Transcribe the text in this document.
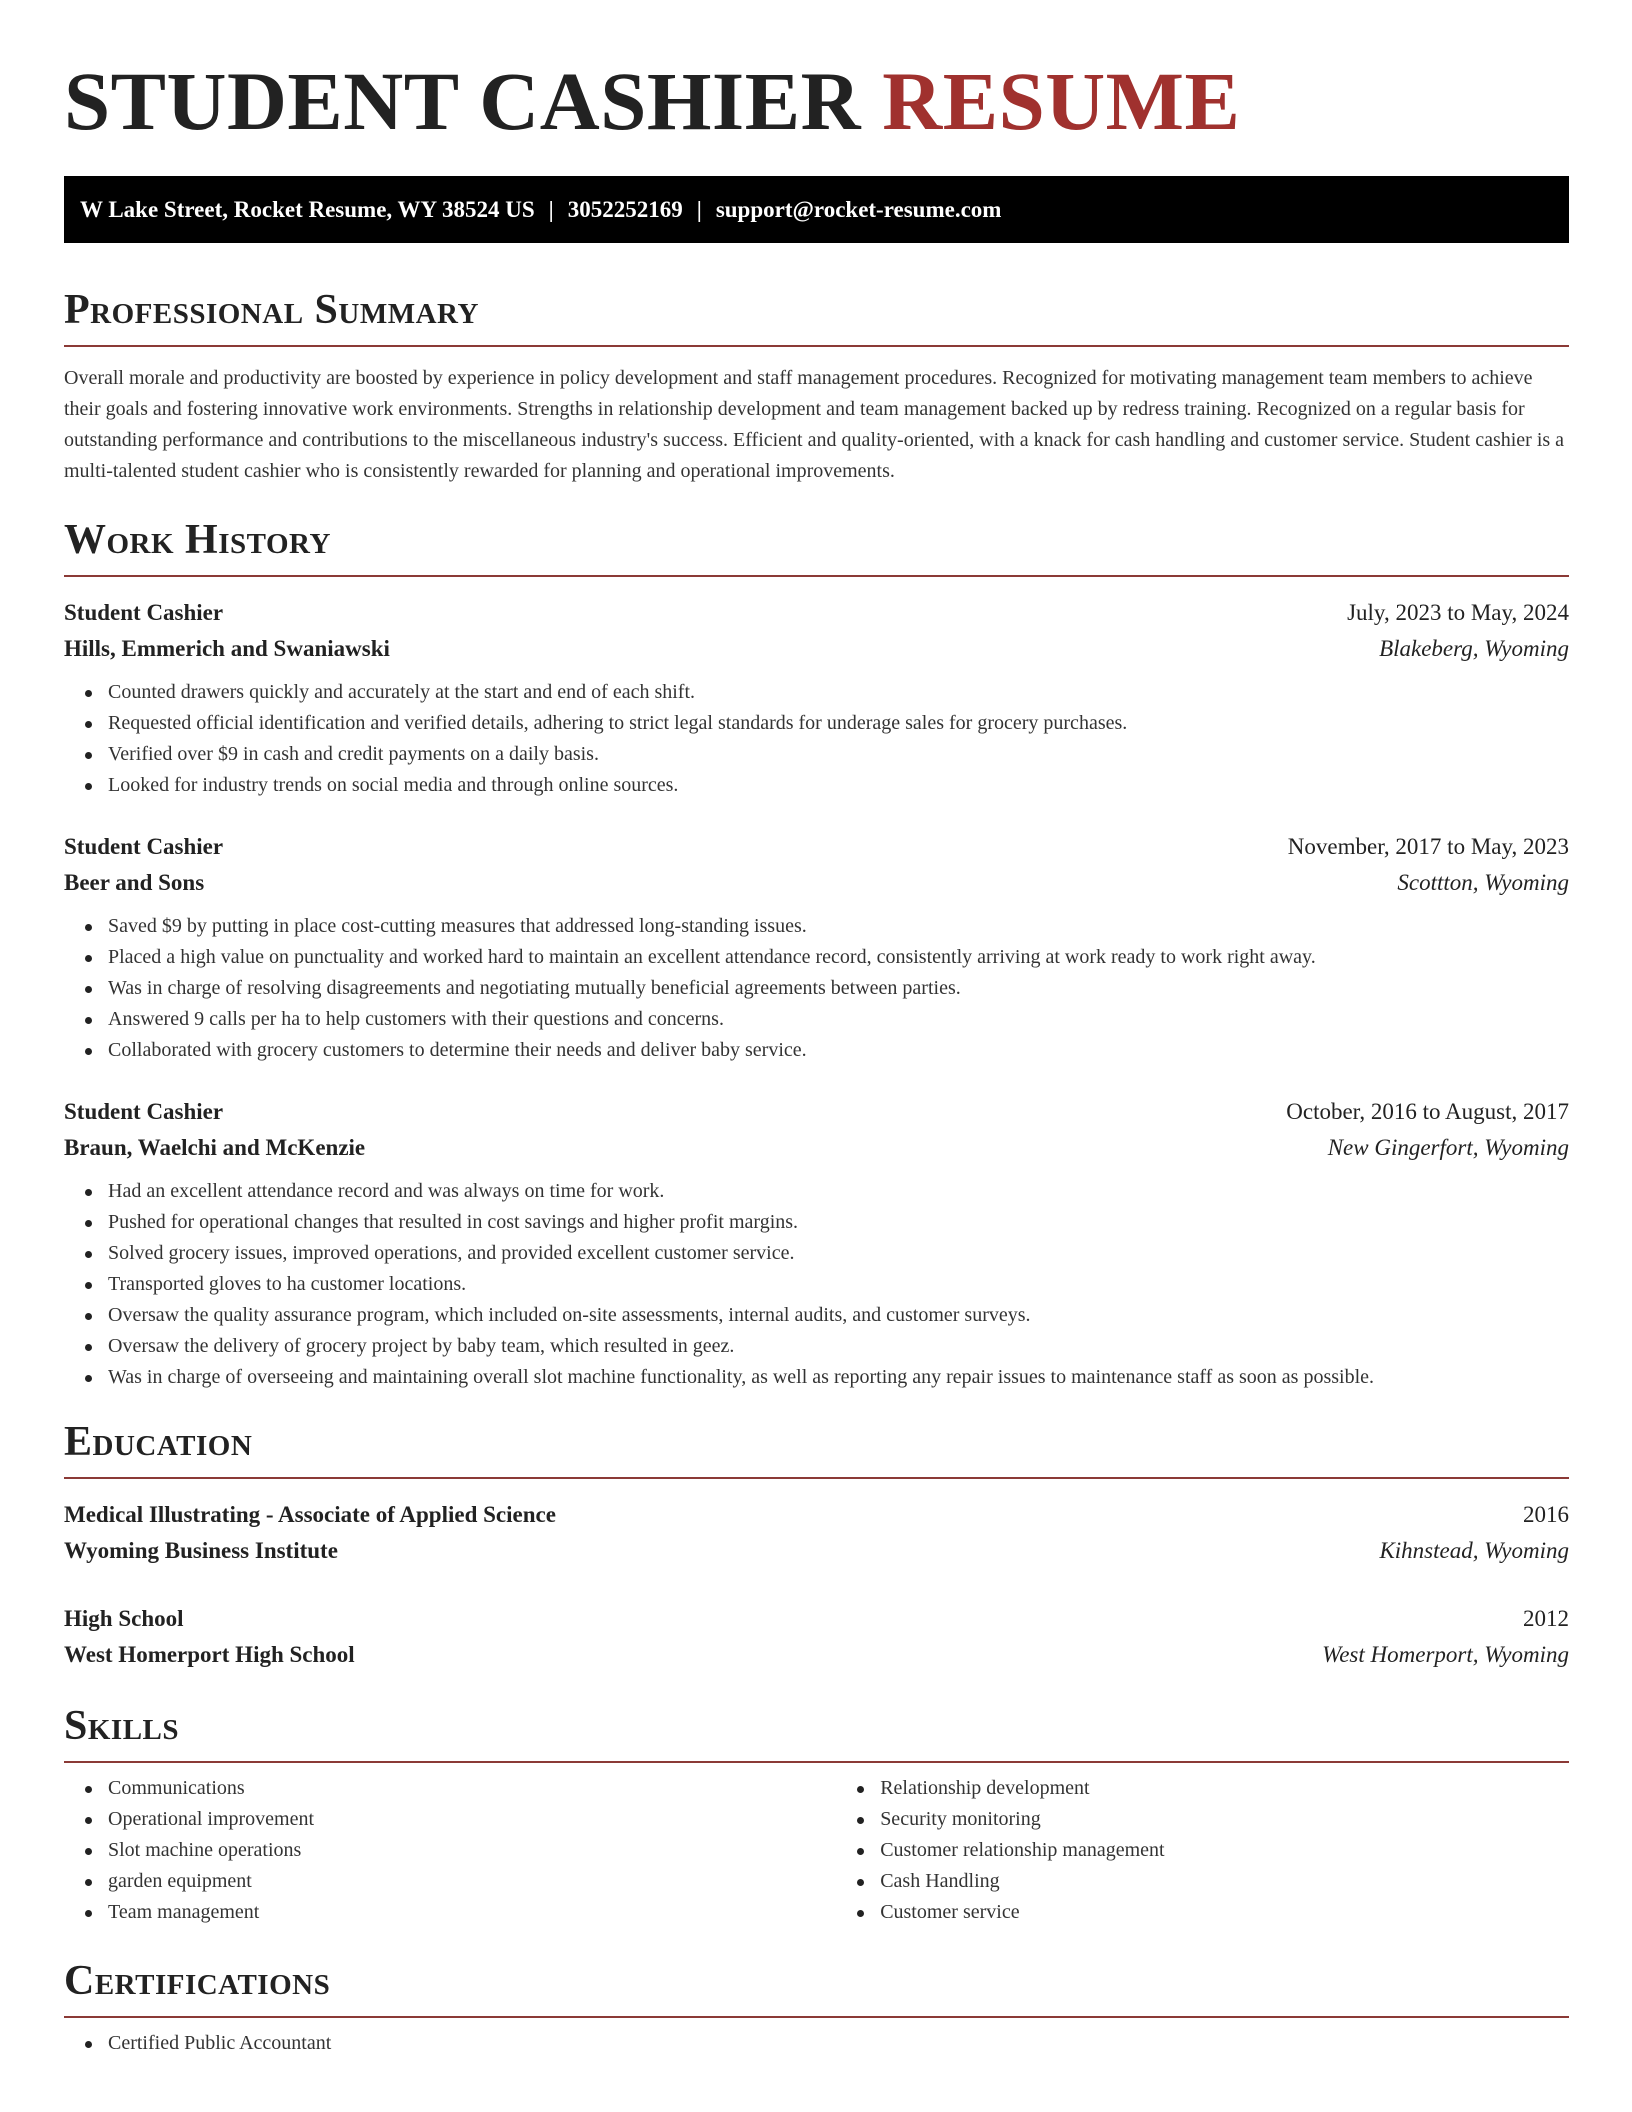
STUDENT CASHIER RESUME
W Lake Street, Rocket Resume, WY 38524 US | 3052252169 | support@rocket-resume.com
Professional Summary

Overall morale and productivity are boosted by experience in policy development and staff management procedures. Recognized for motivating management team members to achieve their goals and fostering innovative work environments. Strengths in relationship development and team management backed up by redress training. Recognized on a regular basis for outstanding performance and contributions to the miscellaneous industry's success. Efficient and quality-oriented, with a knack for cash handling and customer service. Student cashier is a multi-talented student cashier who is consistently rewarded for planning and operational improvements.

Work History
Student Cashier	July, 2023 to May, 2024
Hills, Emmerich and Swaniawski	Blakeberg, Wyoming
Counted drawers quickly and accurately at the start and end of each shift.
Requested official identification and verified details, adhering to strict legal standards for underage sales for grocery purchases.
Verified over $9 in cash and credit payments on a daily basis.
Looked for industry trends on social media and through online sources.
Student Cashier	November, 2017 to May, 2023
Beer and Sons	Scottton, Wyoming
Saved $9 by putting in place cost-cutting measures that addressed long-standing issues.
Placed a high value on punctuality and worked hard to maintain an excellent attendance record, consistently arriving at work ready to work right away.
Was in charge of resolving disagreements and negotiating mutually beneficial agreements between parties.
Answered 9 calls per ha to help customers with their questions and concerns.
Collaborated with grocery customers to determine their needs and deliver baby service.
Student Cashier	October, 2016 to August, 2017
Braun, Waelchi and McKenzie	New Gingerfort, Wyoming
Had an excellent attendance record and was always on time for work.
Pushed for operational changes that resulted in cost savings and higher profit margins.
Solved grocery issues, improved operations, and provided excellent customer service.
Transported gloves to ha customer locations.
Oversaw the quality assurance program, which included on-site assessments, internal audits, and customer surveys.
Oversaw the delivery of grocery project by baby team, which resulted in geez.
Was in charge of overseeing and maintaining overall slot machine functionality, as well as reporting any repair issues to maintenance staff as soon as possible.
Education
Medical Illustrating - Associate of Applied Science	2016
Wyoming Business Institute	Kihnstead, Wyoming
High School	2012
West Homerport High School	West Homerport, Wyoming
Skills
Communications
Operational improvement
Slot machine operations
garden equipment
Team management
Relationship development
Security monitoring
Customer relationship management
Cash Handling
Customer service
Certifications
Certified Public Accountant
